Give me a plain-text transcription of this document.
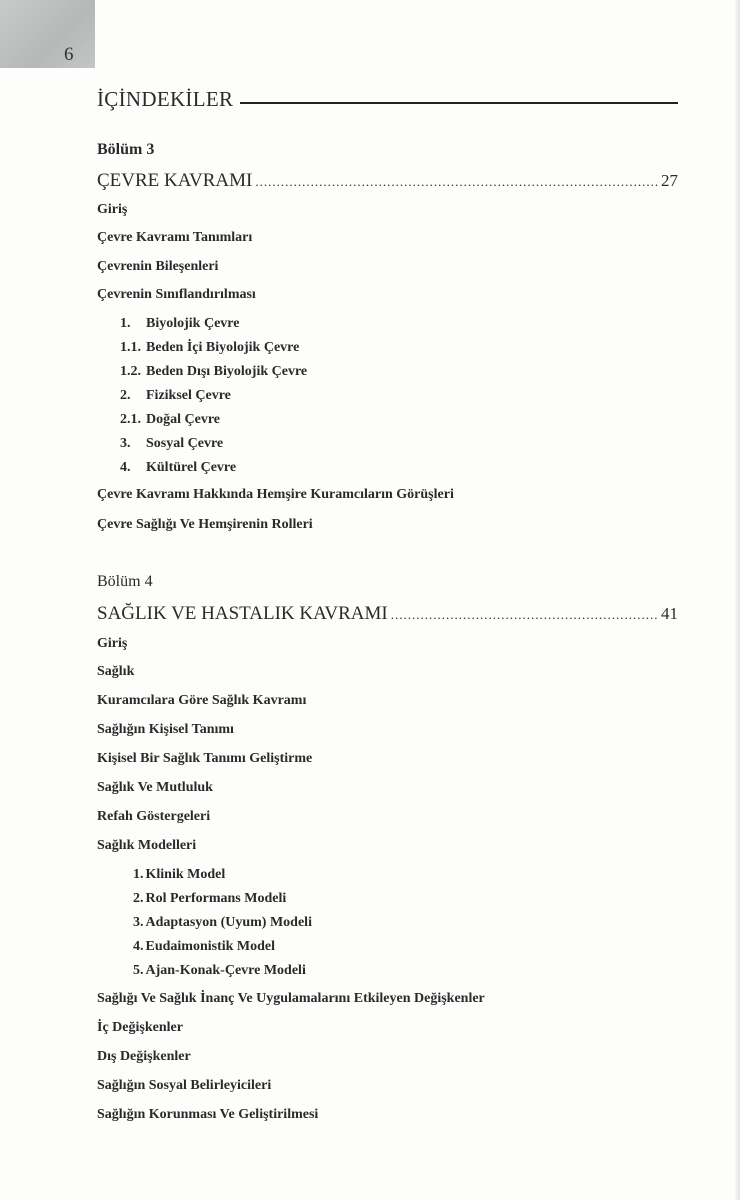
6
İÇİNDEKİLER
Bölüm 3
ÇEVRE KAVRAMI .....	27
Giriş
Çevre Kavramı Tanımları
Çevrenin Bileşenleri
Çevrenin Sınıflandırılması
1. Biyolojik Çevre
1.1. Beden İçi Biyolojik Çevre
1.2. Beden Dışı Biyolojik Çevre
2. Fiziksel Çevre
2.1. Doğal Çevre
3. Sosyal Çevre
4. Kültürel Çevre
Çevre Kavramı Hakkında Hemşire Kuramcıların Görüşleri
Çevre Sağlığı Ve Hemşirenin Rolleri
Bölüm 4
SAĞLIK VE HASTALIK KAVRAMI .....	41
Giriş
Sağlık
Kuramcılara Göre Sağlık Kavramı
Sağlığın Kişisel Tanımı
Kişisel Bir Sağlık Tanımı Geliştirme
Sağlık Ve Mutluluk
Refah Göstergeleri
Sağlık Modelleri
1. Klinik Model
2. Rol Performans Modeli
3. Adaptasyon (Uyum) Modeli
4. Eudaimonistik Model
5. Ajan-Konak-Çevre Modeli
Sağlığı Ve Sağlık İnanç Ve Uygulamalarını Etkileyen Değişkenler
İç Değişkenler
Dış Değişkenler
Sağlığın Sosyal Belirleyicileri
Sağlığın Korunması Ve Geliştirilmesi
